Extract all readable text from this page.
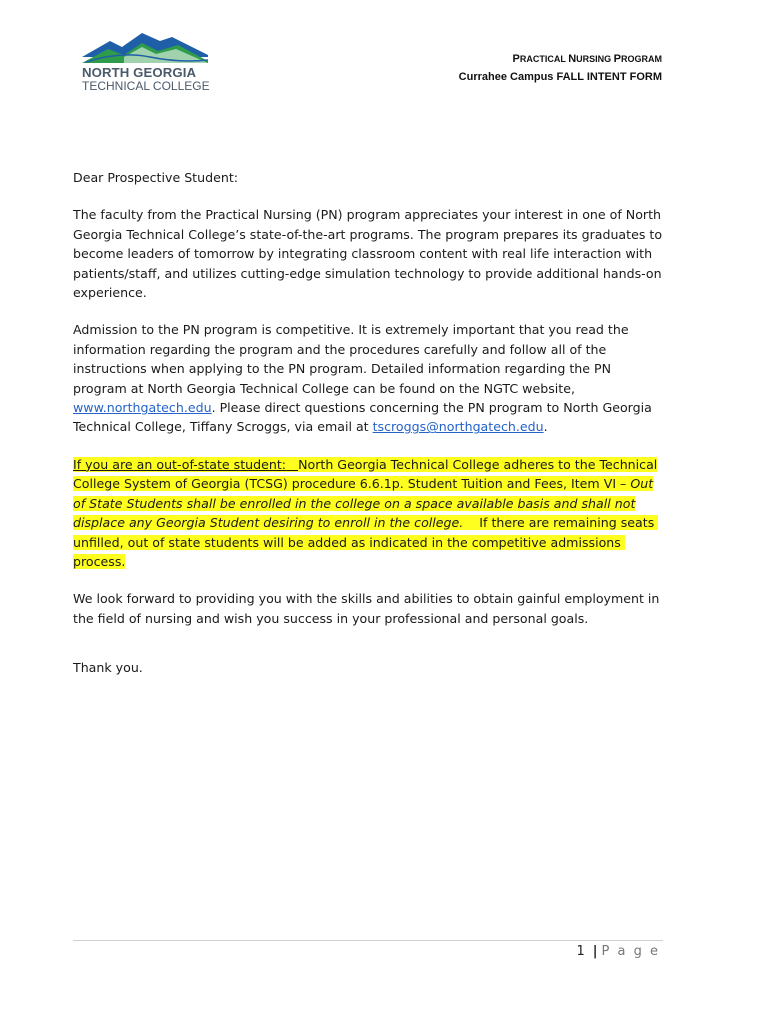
NORTH GEORGIA
TECHNICAL COLLEGE
PRACTICAL NURSING PROGRAM
Currahee Campus FALL INTENT FORM

Dear Prospective Student:

The faculty from the Practical Nursing (PN) program appreciates your interest in one of North Georgia Technical College’s state-of-the-art programs. The program prepares its graduates to become leaders of tomorrow by integrating classroom content with real life interaction with patients/staff, and utilizes cutting-edge simulation technology to provide additional hands-on experience.

Admission to the PN program is competitive. It is extremely important that you read the information regarding the program and the procedures carefully and follow all of the instructions when applying to the PN program. Detailed information regarding the PN program at North Georgia Technical College can be found on the NGTC website, www.northgatech.edu. Please direct questions concerning the PN program to North Georgia Technical College, Tiffany Scroggs, via email at tscroggs@northgatech.edu.

If you are an out-of-state student: North Georgia Technical College adheres to the Technical College System of Georgia (TCSG) procedure 6.6.1p. Student Tuition and Fees, Item VI – Out of State Students shall be enrolled in the college on a space available basis and shall not displace any Georgia Student desiring to enroll in the college.    If there are remaining seats unfilled, out of state students will be added as indicated in the competitive admissions process.

We look forward to providing you with the skills and abilities to obtain gainful employment in the field of nursing and wish you success in your professional and personal goals.

Thank you.

1 | P a g e
